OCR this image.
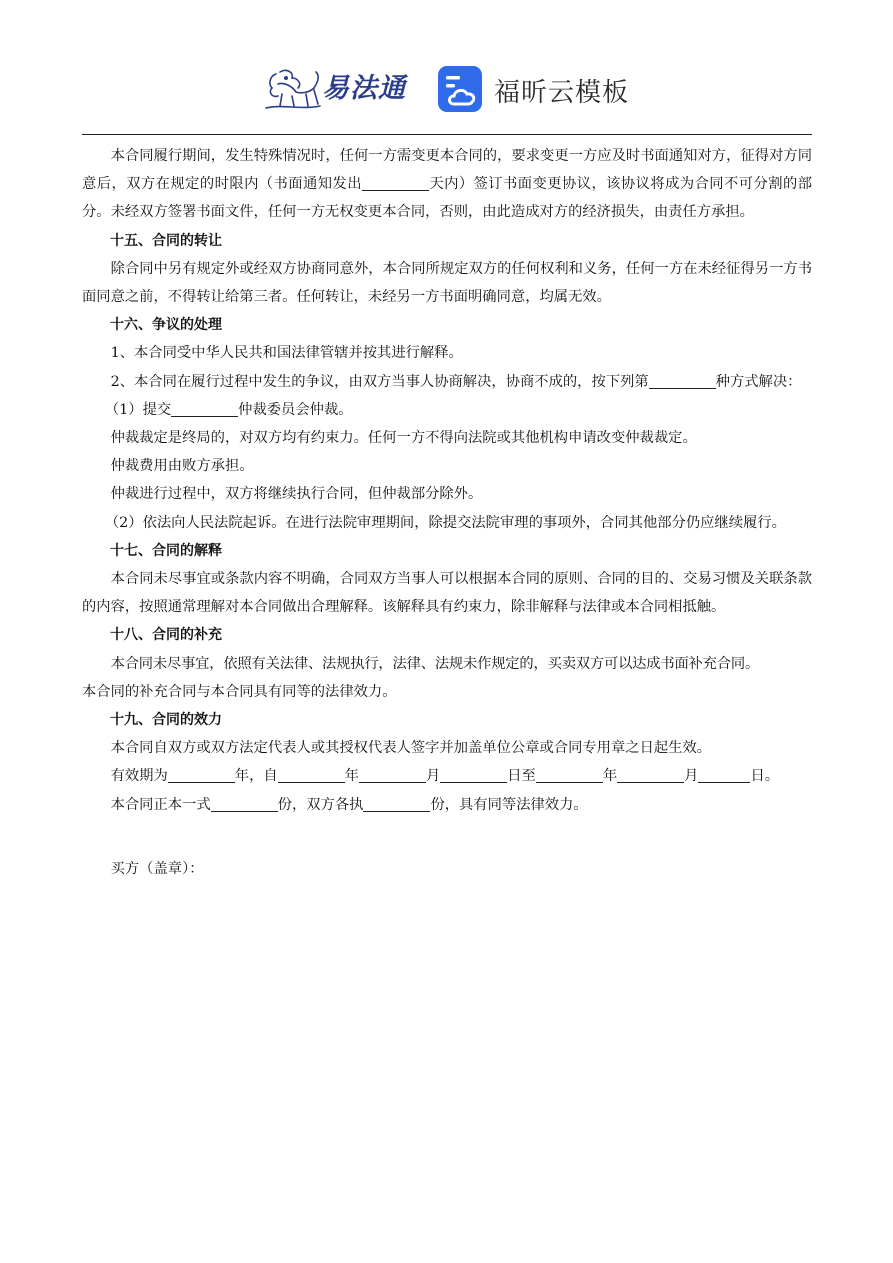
易法通	福昕云模板

本合同履行期间，发生特殊情况时，任何一方需变更本合同的，要求变更一方应及时书面通知对方，征得对方同意后，双方在规定的时限内（书面通知发出	天内）签订书面变更协议，该协议将成为合同不可分割的部分。未经双方签署书面文件，任何一方无权变更本合同，否则，由此造成对方的经济损失，由责任方承担。

十五、合同的转让

除合同中另有规定外或经双方协商同意外，本合同所规定双方的任何权利和义务，任何一方在未经征得另一方书面同意之前，不得转让给第三者。任何转让，未经另一方书面明确同意，均属无效。

十六、争议的处理

1、本合同受中华人民共和国法律管辖并按其进行解释。

2、本合同在履行过程中发生的争议，由双方当事人协商解决，协商不成的，按下列第	种方式解决：

（1）提交	仲裁委员会仲裁。

仲裁裁定是终局的，对双方均有约束力。任何一方不得向法院或其他机构申请改变仲裁裁定。

仲裁费用由败方承担。

仲裁进行过程中，双方将继续执行合同，但仲裁部分除外。

（2）依法向人民法院起诉。在进行法院审理期间，除提交法院审理的事项外，合同其他部分仍应继续履行。

十七、合同的解释

本合同未尽事宜或条款内容不明确，合同双方当事人可以根据本合同的原则、合同的目的、交易习惯及关联条款的内容，按照通常理解对本合同做出合理解释。该解释具有约束力，除非解释与法律或本合同相抵触。

十八、合同的补充

本合同未尽事宜，依照有关法律、法规执行，法律、法规未作规定的，买卖双方可以达成书面补充合同。

本合同的补充合同与本合同具有同等的法律效力。

十九、合同的效力

本合同自双方或双方法定代表人或其授权代表人签字并加盖单位公章或合同专用章之日起生效。

有效期为	年，自	年	月	日至	年	月	日。

本合同正本一式	份，双方各执	份，具有同等法律效力。

买方（盖章）：
